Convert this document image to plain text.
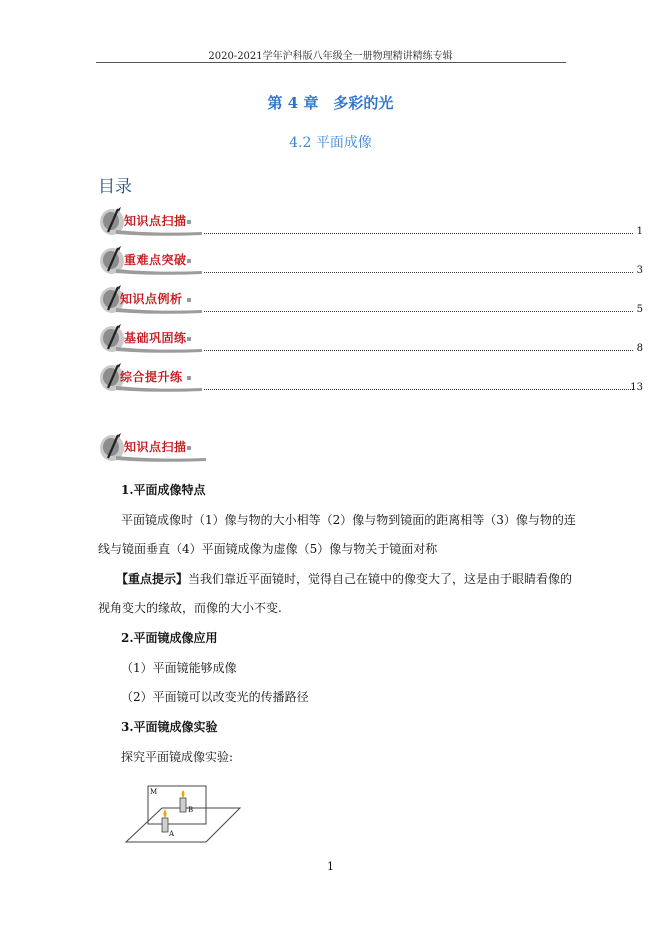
2020-2021学年沪科版八年级全一册物理精讲精练专辑
第 4 章　多彩的光
4.2 平面成像
目录
知识点扫描
1
重难点突破
3
知识点例析
5
基础巩固练
8
综合提升练
13
知识点扫描
1.平面成像特点
平面镜成像时（1）像与物的大小相等（2）像与物到镜面的距离相等（3）像与物的连
线与镜面垂直（4）平面镜成像为虚像（5）像与物关于镜面对称
【重点提示】当我们靠近平面镜时，觉得自己在镜中的像变大了，这是由于眼睛看像的
视角变大的缘故，而像的大小不变.
2.平面镜成像应用
（1）平面镜能够成像
（2）平面镜可以改变光的传播路径
3.平面镜成像实验
探究平面镜成像实验:
M
B
A
1
